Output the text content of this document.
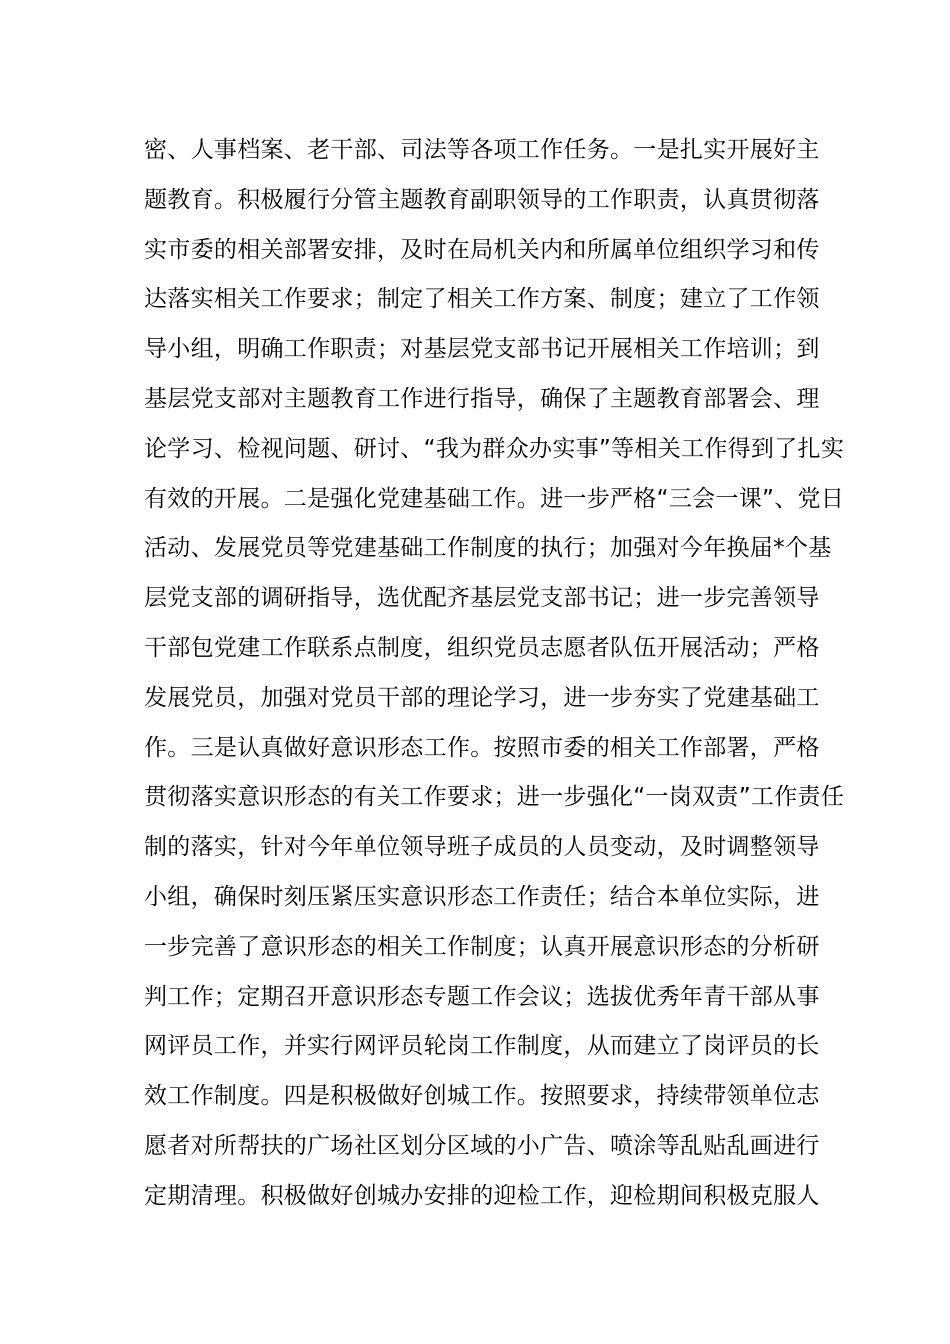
密、人事档案、老干部、司法等各项工作任务。一是扎实开展好主
题教育。积极履行分管主题教育副职领导的工作职责，认真贯彻落
实市委的相关部署安排，及时在局机关内和所属单位组织学习和传
达落实相关工作要求；制定了相关工作方案、制度；建立了工作领
导小组，明确工作职责；对基层党支部书记开展相关工作培训；到
基层党支部对主题教育工作进行指导，确保了主题教育部署会、理
论学习、检视问题、研讨、“我为群众办实事”等相关工作得到了扎实
有效的开展。二是强化党建基础工作。进一步严格“三会一课”、党日
活动、发展党员等党建基础工作制度的执行；加强对今年换届*个基
层党支部的调研指导，选优配齐基层党支部书记；进一步完善领导
干部包党建工作联系点制度，组织党员志愿者队伍开展活动；严格
发展党员，加强对党员干部的理论学习，进一步夯实了党建基础工
作。三是认真做好意识形态工作。按照市委的相关工作部署，严格
贯彻落实意识形态的有关工作要求；进一步强化“一岗双责”工作责任
制的落实，针对今年单位领导班子成员的人员变动，及时调整领导
小组，确保时刻压紧压实意识形态工作责任；结合本单位实际，进
一步完善了意识形态的相关工作制度；认真开展意识形态的分析研
判工作；定期召开意识形态专题工作会议；选拔优秀年青干部从事
网评员工作，并实行网评员轮岗工作制度，从而建立了岗评员的长
效工作制度。四是积极做好创城工作。按照要求，持续带领单位志
愿者对所帮扶的广场社区划分区域的小广告、喷涂等乱贴乱画进行
定期清理。积极做好创城办安排的迎检工作，迎检期间积极克服人
